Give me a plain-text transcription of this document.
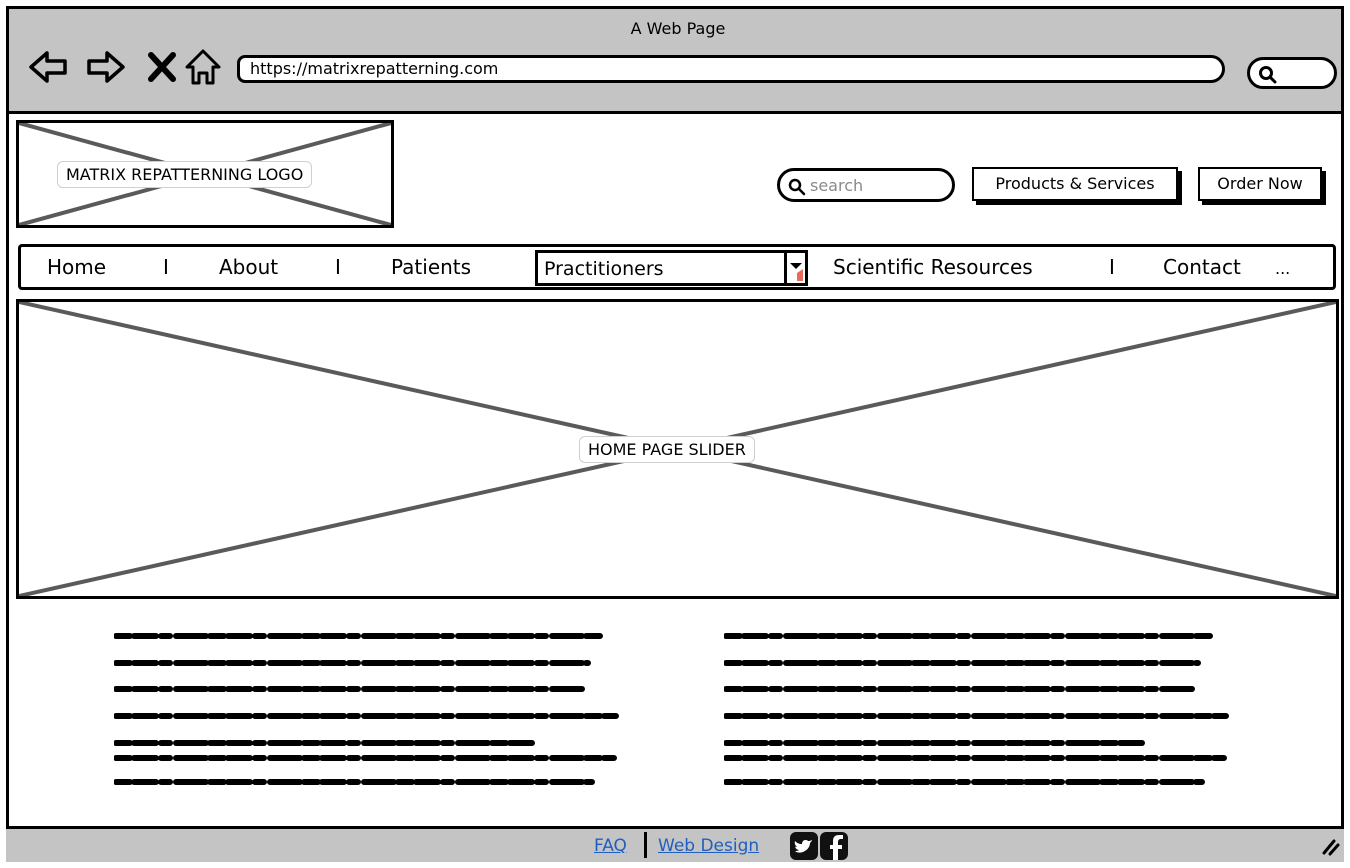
A Web Page
https://matrixrepatterning.com
MATRIX REPATTERNING LOGO
search	Products & Services	Order Now
Home	I	About	I	Patients	Practitioners	Scientific Resources	I Contact ...
HOME PAGE SLIDER
FAQ Web Design
